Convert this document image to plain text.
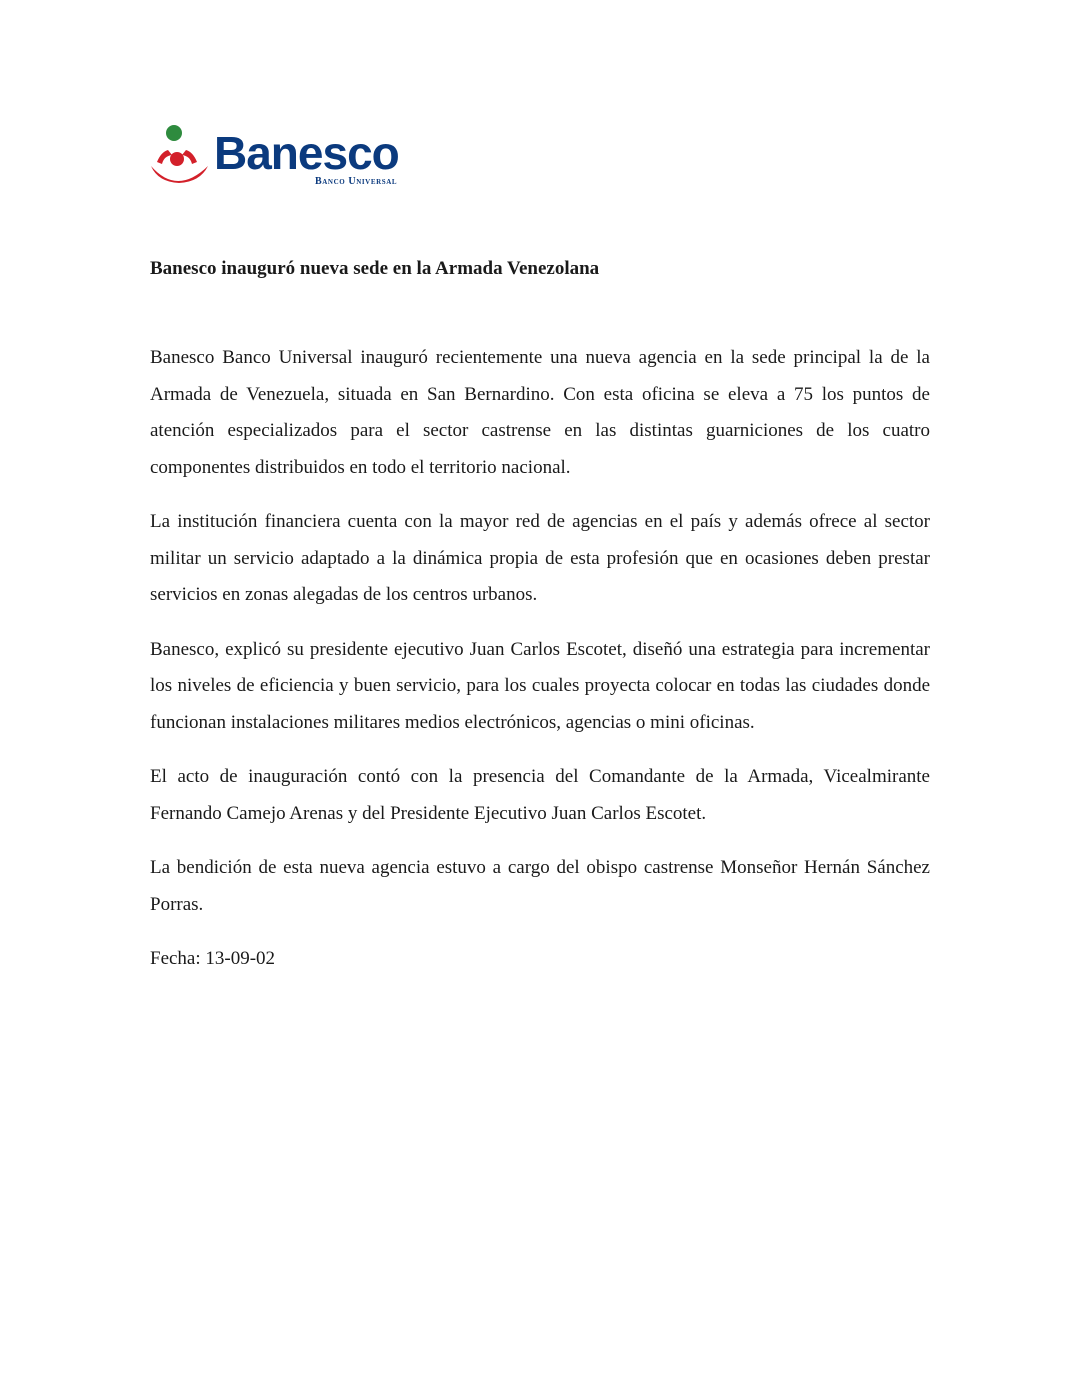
Banesco
Banco Universal
Banesco inauguró nueva sede en la Armada Venezolana

Banesco Banco Universal inauguró recientemente una nueva agencia en la sede principal la de la Armada de Venezuela, situada en San Bernardino. Con esta oficina se eleva a 75 los puntos de atención especializados para el sector castrense en las distintas guarniciones de los cuatro componentes distribuidos en todo el territorio nacional.

La institución financiera cuenta con la mayor red de agencias en el país y además ofrece al sector militar un servicio adaptado a la dinámica propia de esta profesión que en ocasiones deben prestar servicios en zonas alegadas de los centros urbanos.

Banesco, explicó su presidente ejecutivo Juan Carlos Escotet, diseñó una estrategia para incrementar los niveles de eficiencia y buen servicio, para los cuales proyecta colocar en todas las ciudades donde funcionan instalaciones militares medios electrónicos, agencias o mini oficinas.

El acto de inauguración contó con la presencia del Comandante de la Armada, Vicealmirante Fernando Camejo Arenas y del Presidente Ejecutivo Juan Carlos Escotet.

La bendición de esta nueva agencia estuvo a cargo del obispo castrense Monseñor Hernán Sánchez Porras.

Fecha: 13-09-02
